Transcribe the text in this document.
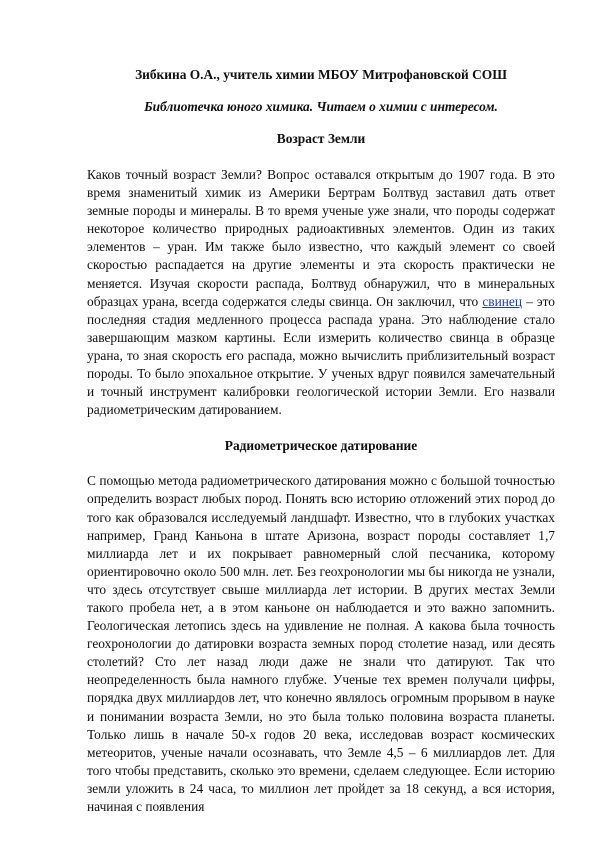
Зибкина О.А., учитель химии МБОУ Митрофановской СОШ

Библиотечка юного химика. Читаем о химии с интересом.

Возраст Земли

Каков точный возраст Земли? Вопрос оставался открытым до 1907 года. В это время знаменитый химик из Америки Бертрам Болтвуд заставил дать ответ земные породы и минералы. В то время ученые уже знали, что породы содержат некоторое количество природных радиоактивных элементов. Один из таких элементов – уран. Им также было известно, что каждый элемент со своей скоростью распадается на другие элементы и эта скорость практически не меняется. Изучая скорости распада, Болтвуд обнаружил, что в минеральных образцах урана, всегда содержатся следы свинца. Он заключил, что свинец – это последняя стадия медленного процесса распада урана. Это наблюдение стало завершающим мазком картины. Если измерить количество свинца в образце урана, то зная скорость его распада, можно вычислить приблизительный возраст породы. То было эпохальное открытие. У ученых вдруг появился замечательный и точный инструмент калибровки геологической истории Земли. Его назвали радиометрическим датированием.

Радиометрическое датирование

С помощью метода радиометрического датирования можно с большой точностью определить возраст любых пород. Понять всю историю отложений этих пород до того как образовался исследуемый ландшафт. Известно, что в глубоких участках например, Гранд Каньона в штате Аризона, возраст породы составляет 1,7 миллиарда лет и их покрывает равномерный слой песчаника, которому ориентировочно около 500 млн. лет. Без геохронологии мы бы никогда не узнали, что здесь отсутствует свыше миллиарда лет истории. В других местах Земли такого пробела нет, а в этом каньоне он наблюдается и это важно запомнить. Геологическая летопись здесь на удивление не полная. А какова была точность геохронологии до датировки возраста земных пород столетие назад, или десять столетий? Сто лет назад люди даже не знали что датируют. Так что неопределенность была намного глубже. Ученые тех времен получали цифры, порядка двух миллиардов лет, что конечно являлось огромным прорывом в науке и понимании возраста Земли, но это была только половина возраста планеты. Только лишь в начале 50-х годов 20 века, исследовав возраст космических метеоритов, ученые начали осознавать, что Земле 4,5 – 6 миллиардов лет. Для того чтобы представить, сколько это времени, сделаем следующее. Если историю земли уложить в 24 часа, то миллион лет пройдет за 18 секунд, а вся история, начиная с появления
